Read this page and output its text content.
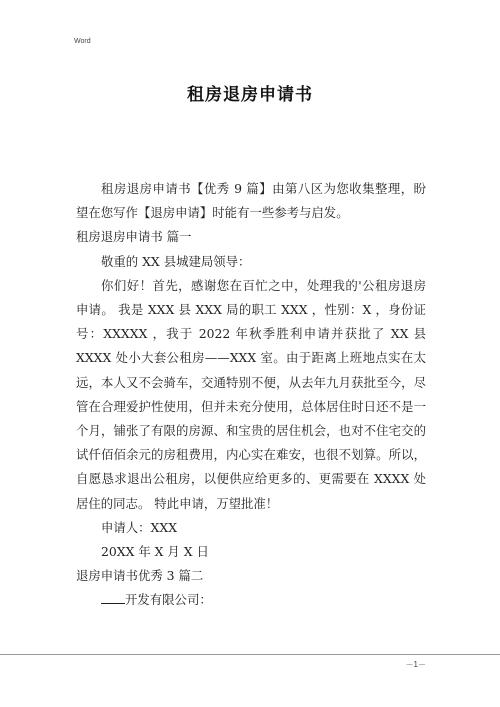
Word
租房退房申请书

租房退房申请书【优秀 9 篇】由第八区为您收集整理，盼望在您写作【退房申请】时能有一些参考与启发。

租房退房申请书 篇一

敬重的 XX 县城建局领导：

你们好！首先，感谢您在百忙之中，处理我的'公租房退房申请。 我是 XXX 县 XXX 局的职工 XXX ，性别：X ，身份证号：XXXXX ，我于 2022 年秋季胜利申请并获批了 XX 县 XXXX 处小大套公租房——XXX 室。由于距离上班地点实在太远，本人又不会骑车，交通特别不便，从去年九月获批至今，尽管在合理爱护性使用，但并未充分使用，总体居住时日还不是一个月，铺张了有限的房源、和宝贵的居住机会，也对不住宅交的试仟佰佰余元的房租费用，内心实在难安，也很不划算。所以，自愿恳求退出公租房，以便供应给更多的、更需要在 XXXX 处居住的同志。 特此申请，万望批准！

申请人：XXX

20XX 年 X 月 X 日

退房申请书优秀 3 篇二

开发有限公司：

－1－
